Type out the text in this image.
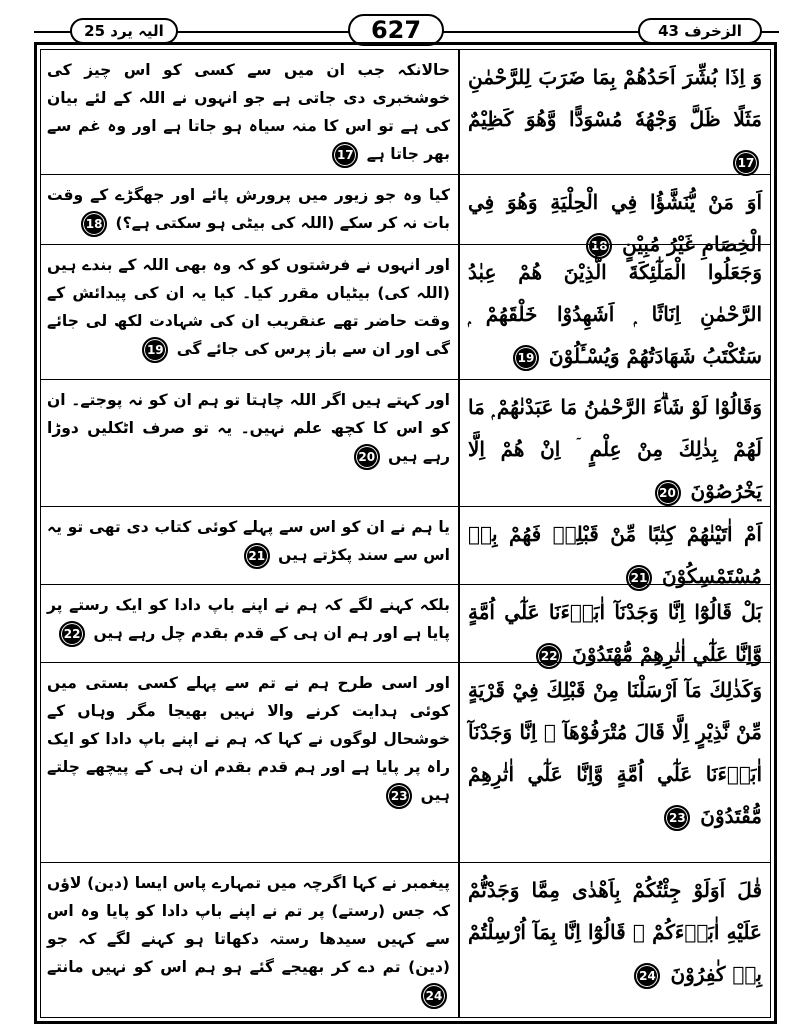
الیہ یرد 25	627	الزخرف 43
حالانکہ جب ان میں سے کسی کو اس چیز کی خوشخبری دی جاتی ہے جو انہوں نے اللہ کے لئے بیان کی ہے تو اس کا منہ سیاہ ہو جاتا ہے اور وہ غم سے بھر جاتا ہے 17
وَ اِذَا بُشِّرَ اَحَدُهُمْ بِمَا ضَرَبَ لِلرَّحْمٰنِ مَثَلًا ظَلَّ وَجْهُهٗ مُسْوَدًّا وَّهُوَ كَظِيْمٌ 17
کیا وہ جو زیور میں پرورش پائے اور جھگڑے کے وقت بات نہ کر سکے (اللہ کی بیٹی ہو سکتی ہے؟) 18
اَوَ مَنْ يُّنَشَّؤُا فِي الْحِلْيَةِ وَهُوَ فِي الْخِصَامِ غَيْرُ مُبِيْنٍ 18
اور انہوں نے فرشتوں کو کہ وہ بھی اللہ کے بندے ہیں (اللہ کی) بیٹیاں مقرر کیا۔ کیا یہ ان کی پیدائش کے وقت حاضر تھے عنقریب ان کی شہادت لکھ لی جائے گی اور ان سے باز پرس کی جائے گی 19
وَجَعَلُوا الْمَلٰٓئِكَةَ الَّذِيْنَ هُمْ عِبٰدُ الرَّحْمٰنِ اِنَاثًا ۭ اَشَهِدُوْا خَلْقَهُمْ ۭ سَتُكْتَبُ شَهَادَتُهُمْ وَيُسْـَٔلُوْنَ 19
اور کہتے ہیں اگر اللہ چاہتا تو ہم ان کو نہ پوجتے۔ ان کو اس کا کچھ علم نہیں۔ یہ تو صرف اٹکلیں دوڑا رہے ہیں 20
وَقَالُوْا لَوْ شَاۗءَ الرَّحْمٰنُ مَا عَبَدْنٰهُمْ ۭ مَا لَهُمْ بِذٰلِكَ مِنْ عِلْمٍ ۤ اِنْ هُمْ اِلَّا يَخْرُصُوْنَ 20
یا ہم نے ان کو اس سے پہلے کوئی کتاب دی تھی تو یہ اس سے سند پکڑتے ہیں 21
اَمْ اٰتَيْنٰهُمْ كِتٰبًا مِّنْ قَبْلِهٖ فَهُمْ بِهٖ مُسْتَمْسِكُوْنَ 21
بلکہ کہنے لگے کہ ہم نے اپنے باپ دادا کو ایک رستے پر پایا ہے اور ہم ان ہی کے قدم بقدم چل رہے ہیں 22
بَلْ قَالُوْٓا اِنَّا وَجَدْنَآ اٰبَاۗءَنَا عَلٰٓي اُمَّةٍ وَّاِنَّا عَلٰٓي اٰثٰرِهِمْ مُّهْتَدُوْنَ 22
اور اسی طرح ہم نے تم سے پہلے کسی بستی میں کوئی ہدایت کرنے والا نہیں بھیجا مگر وہاں کے خوشحال لوگوں نے کہا کہ ہم نے اپنے باپ دادا کو ایک راہ پر پایا ہے اور ہم قدم بقدم ان ہی کے پیچھے چلتے ہیں 23
وَكَذٰلِكَ مَآ اَرْسَلْنَا مِنْ قَبْلِكَ فِيْ قَرْيَةٍ مِّنْ نَّذِيْرٍ اِلَّا قَالَ مُتْرَفُوْهَآ ۙ اِنَّا وَجَدْنَآ اٰبَاۗءَنَا عَلٰٓي اُمَّةٍ وَّاِنَّا عَلٰٓي اٰثٰرِهِمْ مُّقْتَدُوْنَ 23
پیغمبر نے کہا اگرچہ میں تمہارے پاس ایسا (دین) لاؤں کہ جس (رستے) پر تم نے اپنے باپ دادا کو پایا وہ اس سے کہیں سیدھا رستہ دکھاتا ہو کہنے لگے کہ جو (دین) تم دے کر بھیجے گئے ہو ہم اس کو نہیں مانتے 24
قٰلَ اَوَلَوْ جِئْتُكُمْ بِاَهْدٰى مِمَّا وَجَدْتُّمْ عَلَيْهِ اٰبَاۗءَكُمْ ۭ قَالُوْٓا اِنَّا بِمَآ اُرْسِلْتُمْ بِهٖ كٰفِرُوْنَ 24
